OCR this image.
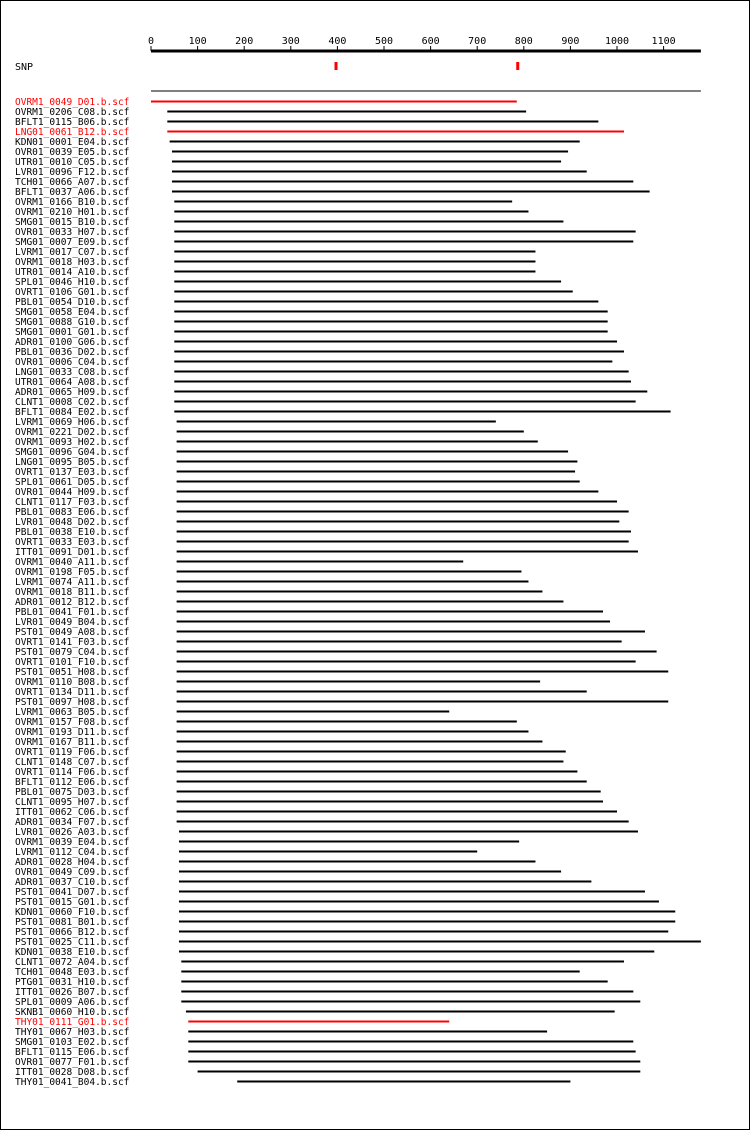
0	100	200	300	400	500	600	700	800	900	1000 1100
SNP
OVRM1_0049_D01.b.scf
OVRM1_0206_C08.b.scf
BFLT1_0115_B06.b.scf
LNG01_0061_B12.b.scf
KDN01_0001_E04.b.scf
OVR01_0039_E05.b.scf
UTR01_0010_C05.b.scf
LVR01_0096_F12.b.scf
TCH01_0066_A07.b.scf
BFLT1_0037_A06.b.scf
OVRM1_0166_B10.b.scf
OVRM1_0210_H01.b.scf
SMG01_0015_B10.b.scf
OVR01_0033_H07.b.scf
SMG01_0007_E09.b.scf
LVRM1_0017_C07.b.scf
OVRM1_0018_H03.b.scf
UTR01_0014_A10.b.scf
SPL01_0046_H10.b.scf
OVRT1_0106_G01.b.scf
PBL01_0054_D10.b.scf
SMG01_0058_E04.b.scf
SMG01_0088_G10.b.scf
SMG01_0001_G01.b.scf
ADR01_0100_G06.b.scf
PBL01_0036_D02.b.scf
OVR01_0006_C04.b.scf
LNG01_0033_C08.b.scf
UTR01_0064_A08.b.scf
ADR01_0065_H09.b.scf
CLNT1_0008_C02.b.scf
BFLT1_0084_E02.b.scf
LVRM1_0069_H06.b.scf
OVRM1_0221_D02.b.scf
OVRM1_0093_H02.b.scf
SMG01_0096_G04.b.scf
LNG01_0095_B05.b.scf
OVRT1_0137_E03.b.scf
SPL01_0061_D05.b.scf
OVR01_0044_H09.b.scf
CLNT1_0117_F03.b.scf
PBL01_0083_E06.b.scf
LVR01_0048_D02.b.scf
PBL01_0038_E10.b.scf
OVRT1_0033_E03.b.scf
ITT01_0091_D01.b.scf
OVRM1_0040_A11.b.scf
OVRM1_0198_F05.b.scf
LVRM1_0074_A11.b.scf
OVRM1_0018_B11.b.scf
ADR01_0012_B12.b.scf
PBL01_0041_F01.b.scf
LVR01_0049_B04.b.scf
PST01_0049_A08.b.scf
OVRT1_0141_F03.b.scf
PST01_0079_C04.b.scf
OVRT1_0101_F10.b.scf
PST01_0051_H08.b.scf
OVRM1_0110_B08.b.scf
OVRT1_0134_D11.b.scf
PST01_0097_H08.b.scf
LVRM1_0063_B05.b.scf
OVRM1_0157_F08.b.scf
OVRM1_0193_D11.b.scf
OVRM1_0167_B11.b.scf
OVRT1_0119_F06.b.scf
CLNT1_0148_C07.b.scf
OVRT1_0114_F06.b.scf
BFLT1_0112_E06.b.scf
PBL01_0075_D03.b.scf
CLNT1_0095_H07.b.scf
ITT01_0062_C06.b.scf
ADR01_0034_F07.b.scf
LVR01_0026_A03.b.scf
OVRM1_0039_E04.b.scf
LVRM1_0112_C04.b.scf
ADR01_0028_H04.b.scf
OVR01_0049_C09.b.scf
ADR01_0037_C10.b.scf
PST01_0041_D07.b.scf
PST01_0015_G01.b.scf
KDN01_0060_F10.b.scf
PST01_0081_B01.b.scf
PST01_0066_B12.b.scf
PST01_0025_C11.b.scf
KDN01_0038_E10.b.scf
CLNT1_0072_A04.b.scf
TCH01_0048_E03.b.scf
PTG01_0031_H10.b.scf
ITT01_0026_B07.b.scf
SPL01_0009_A06.b.scf
SKNB1_0060_H10.b.scf
THY01_0111_G01.b.scf
THY01_0067_H03.b.scf
SMG01_0103_E02.b.scf
BFLT1_0115_E06.b.scf
OVR01_0077_F01.b.scf
ITT01_0028_D08.b.scf
THY01_0041_B04.b.scf
